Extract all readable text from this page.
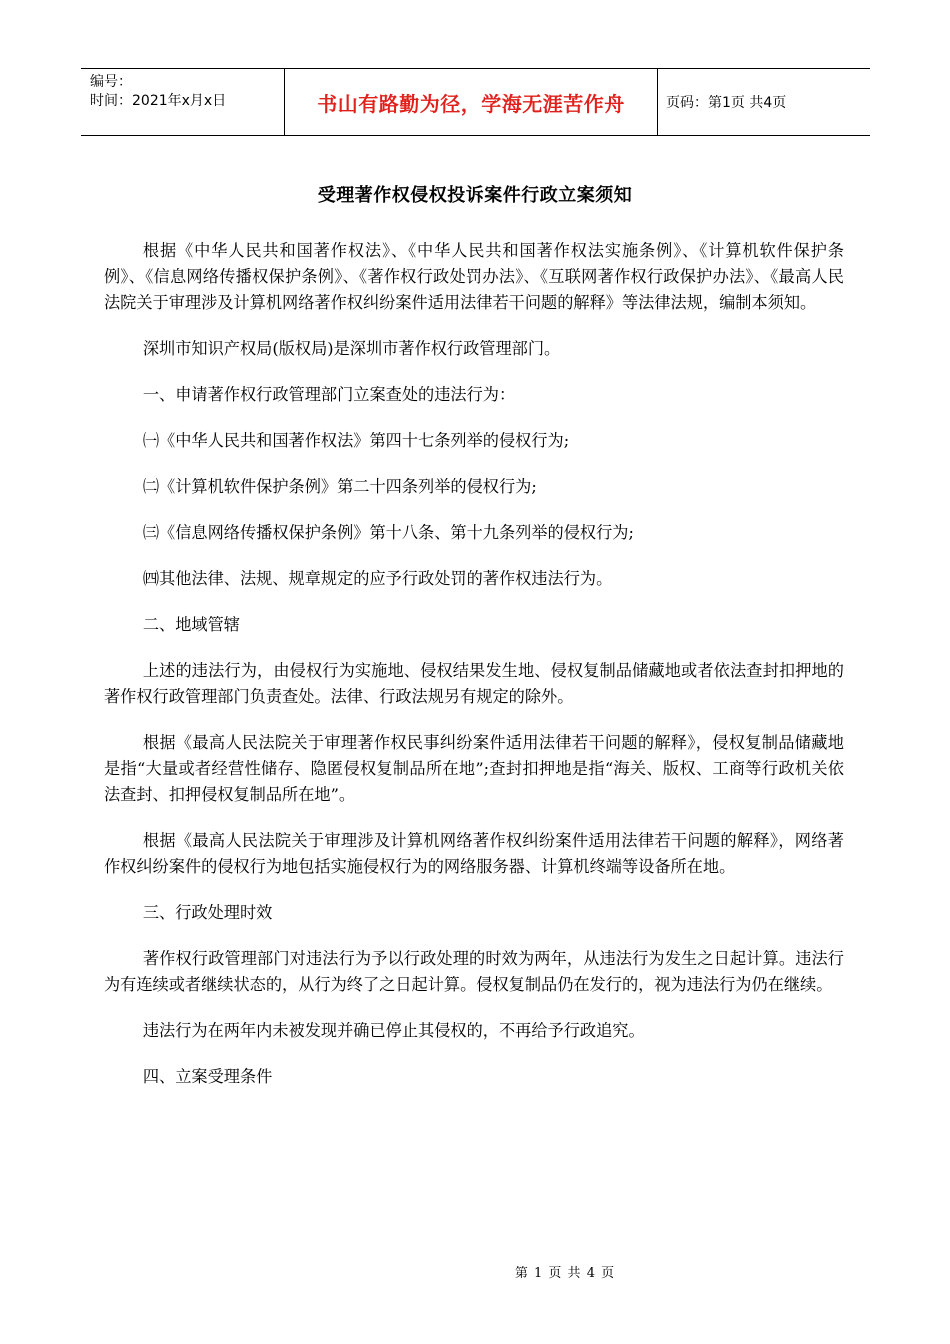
编号：
时间：2021年x月x日	书山有路勤为径，学海无涯苦作舟	页码：第1页 共4页
受理著作权侵权投诉案件行政立案须知

根据《中华人民共和国著作权法》、《中华人民共和国著作权法实施条例》、《计算机软件保护条例》、《信息网络传播权保护条例》、《著作权行政处罚办法》、《互联网著作权行政保护办法》、《最高人民法院关于审理涉及计算机网络著作权纠纷案件适用法律若干问题的解释》等法律法规，编制本须知。

深圳市知识产权局(版权局)是深圳市著作权行政管理部门。

一、申请著作权行政管理部门立案查处的违法行为：

㈠《中华人民共和国著作权法》第四十七条列举的侵权行为;

㈡《计算机软件保护条例》第二十四条列举的侵权行为;

㈢《信息网络传播权保护条例》第十八条、第十九条列举的侵权行为;

㈣其他法律、法规、规章规定的应予行政处罚的著作权违法行为。

二、地域管辖

上述的违法行为，由侵权行为实施地、侵权结果发生地、侵权复制品储藏地或者依法查封扣押地的著作权行政管理部门负责查处。法律、行政法规另有规定的除外。

根据《最高人民法院关于审理著作权民事纠纷案件适用法律若干问题的解释》，侵权复制品储藏地是指“大量或者经营性储存、隐匿侵权复制品所在地”;查封扣押地是指“海关、版权、工商等行政机关依法查封、扣押侵权复制品所在地”。

根据《最高人民法院关于审理涉及计算机网络著作权纠纷案件适用法律若干问题的解释》，网络著作权纠纷案件的侵权行为地包括实施侵权行为的网络服务器、计算机终端等设备所在地。

三、行政处理时效

著作权行政管理部门对违法行为予以行政处理的时效为两年，从违法行为发生之日起计算。违法行为有连续或者继续状态的，从行为终了之日起计算。侵权复制品仍在发行的，视为违法行为仍在继续。

违法行为在两年内未被发现并确已停止其侵权的，不再给予行政追究。

四、立案受理条件

第 1 页 共 4 页
